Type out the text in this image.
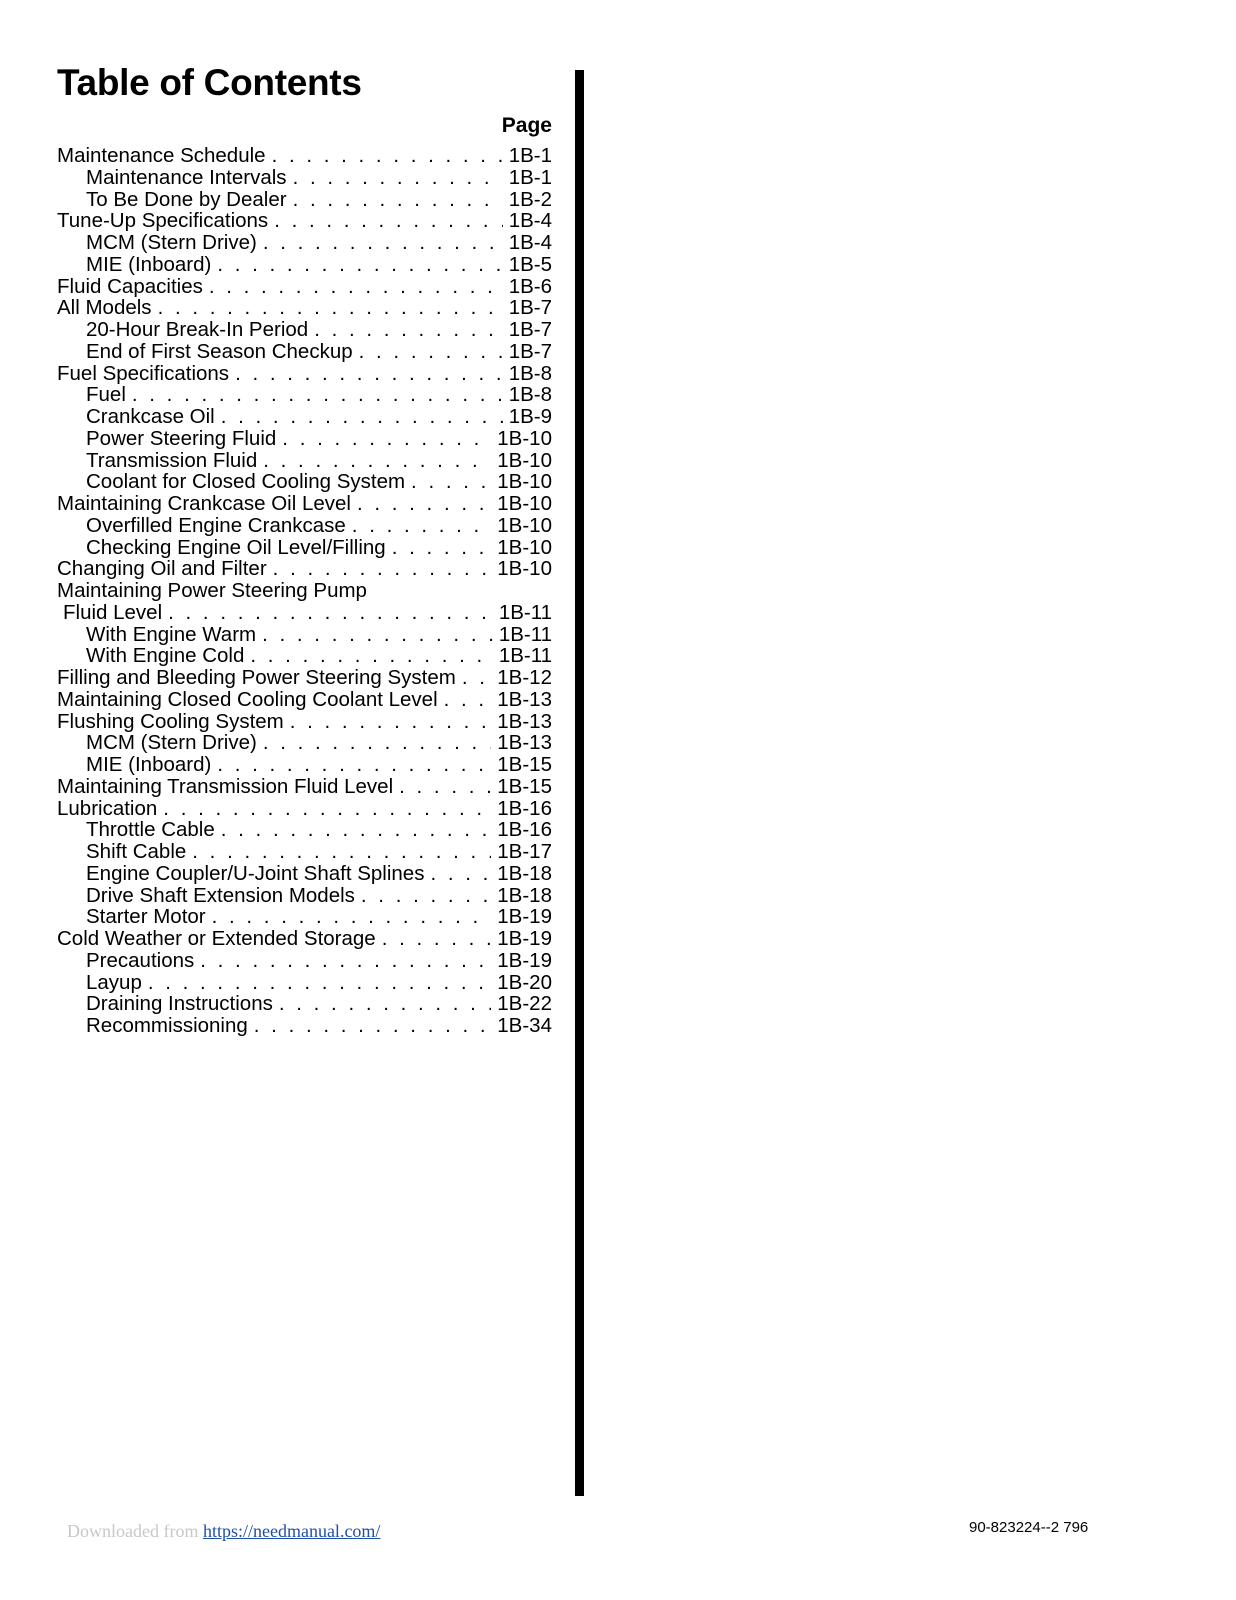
Table of Contents
Page
Maintenance Schedule . . .	1B-1
Maintenance Intervals . . .	1B-1
To Be Done by Dealer . . .	1B-2
Tune-Up Specifications . . .	1B-4
MCM (Stern Drive) . . .	1B-4
MIE (Inboard) . . .	1B-5
Fluid Capacities . . .	1B-6
All Models . . .	1B-7
20-Hour Break-In Period . . .	1B-7
End of First Season Checkup . . .	1B-7
Fuel Specifications . . .	1B-8
Fuel . . .	1B-8
Crankcase Oil . . .	1B-9
Power Steering Fluid . . .	1B-10
Transmission Fluid . . .	1B-10
Coolant for Closed Cooling System . . .	1B-10
Maintaining Crankcase Oil Level . . .	1B-10
Overfilled Engine Crankcase . . .	1B-10
Checking Engine Oil Level/Filling . . .	1B-10
Changing Oil and Filter . . .	1B-10
Maintaining Power Steering Pump
Fluid Level . . .	1B-11
With Engine Warm . . .	1B-11
With Engine Cold . . .	1B-11
Filling and Bleeding Power Steering System . . . 1B-12
Maintaining Closed Cooling Coolant Level . . .	1B-13
Flushing Cooling System . . .	1B-13
MCM (Stern Drive) . . .	1B-13
MIE (Inboard) . . .	1B-15
Maintaining Transmission Fluid Level . . .	1B-15
Lubrication . . .	1B-16
Throttle Cable . . .	1B-16
Shift Cable . . .	1B-17
Engine Coupler/U-Joint Shaft Splines . . .	1B-18
Drive Shaft Extension Models . . .	1B-18
Starter Motor . . .	1B-19
Cold Weather or Extended Storage . . .	1B-19
Precautions . . .	1B-19
Layup . . .	1B-20
Draining Instructions . . .	1B-22
Recommissioning . . .	1B-34
Downloaded from https://needmanual.com/	90-823224--2 796
